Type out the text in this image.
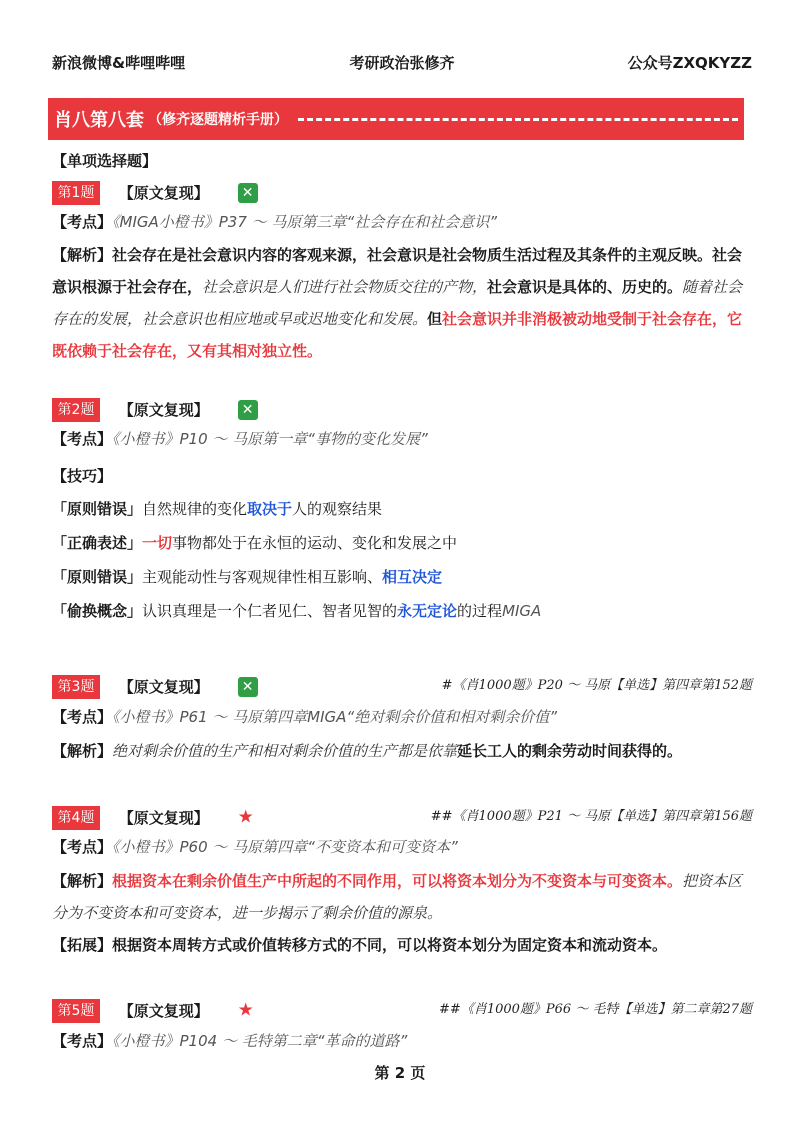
新浪微博&哔哩哔哩	考研政治张修齐	公众号ZXQKYZZ
肖八第八套 （修齐逐题精析手册）
【单项选择题】
第1题 【原文复现】 ✕
【考点】《MIGA小橙书》P37 ～ 马原第三章“社会存在和社会意识”
【解析】社会存在是社会意识内容的客观来源，社会意识是社会物质生活过程及其条件的主观反映。社会意识根源于社会存在，社会意识是人们进行社会物质交往的产物，社会意识是具体的、历史的。随着社会存在的发展，社会意识也相应地或早或迟地变化和发展。但社会意识并非消极被动地受制于社会存在，它既依赖于社会存在，又有其相对独立性。
第2题 【原文复现】 ✕
【考点】《小橙书》P10 ～ 马原第一章“事物的变化发展”
【技巧】
「原则错误」自然规律的变化取决于人的观察结果
「正确表述」一切事物都处于在永恒的运动、变化和发展之中
「原则错误」主观能动性与客观规律性相互影响、相互决定
「偷换概念」认识真理是一个仁者见仁、智者见智的永无定论的过程MIGA
第3题 【原文复现】 ✕	#《肖1000题》P20 ～ 马原【单选】第四章第152题
【考点】《小橙书》P61 ～ 马原第四章MIGA“绝对剩余价值和相对剩余价值”
【解析】绝对剩余价值的生产和相对剩余价值的生产都是依靠延长工人的剩余劳动时间获得的。
第4题 【原文复现】 ★	##《肖1000题》P21 ～ 马原【单选】第四章第156题
【考点】《小橙书》P60 ～ 马原第四章“不变资本和可变资本”
【解析】根据资本在剩余价值生产中所起的不同作用，可以将资本划分为不变资本与可变资本。把资本区分为不变资本和可变资本，进一步揭示了剩余价值的源泉。
【拓展】根据资本周转方式或价值转移方式的不同，可以将资本划分为固定资本和流动资本。
第5题 【原文复现】 ★	##《肖1000题》P66 ～ 毛特【单选】第二章第27题
【考点】《小橙书》P104 ～ 毛特第二章“革命的道路”
第 2 页
